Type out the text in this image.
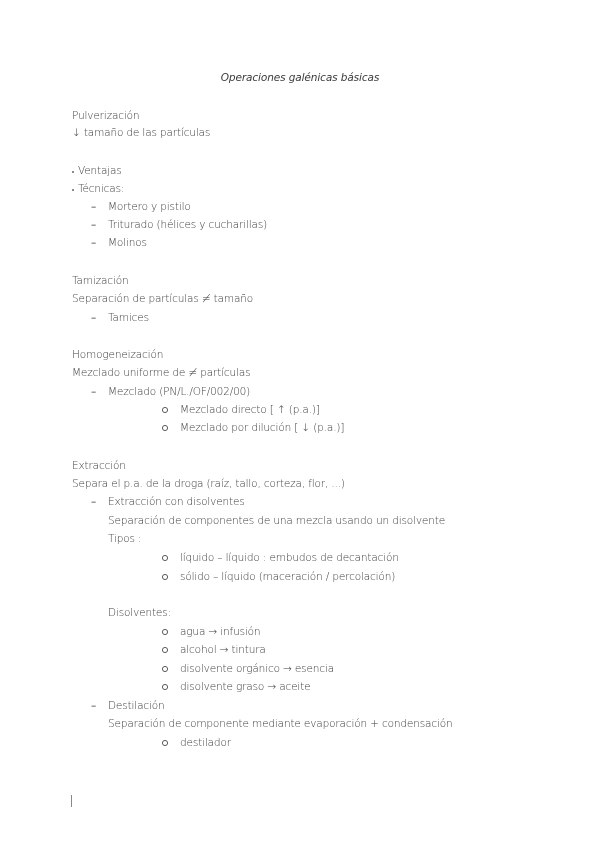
Operaciones galénicas básicas
Pulverización
↓ tamaño de las partículas
Ventajas
Técnicas:
– Mortero y pistilo
– Triturado (hélices y cucharillas)
– Molinos
Tamización
Separación de partículas ≠ tamaño
– Tamices
Homogeneización
Mezclado uniforme de ≠ partículas
– Mezclado (PN/L./OF/002/00)
Mezclado directo [ ↑ (p.a.)]
Mezclado por dilución [ ↓ (p.a.)]
Extracción
Separa el p.a. de la droga (raíz, tallo, corteza, flor, ...)
– Extracción con disolventes
Separación de componentes de una mezcla usando un disolvente
Tipos :
líquido – líquido : embudos de decantación
sólido – líquido (maceración / percolación)
Disolventes:
agua → infusión
alcohol → tintura
disolvente orgánico → esencia
disolvente graso → aceite
– Destilación
Separación de componente mediante evaporación + condensación
destilador
